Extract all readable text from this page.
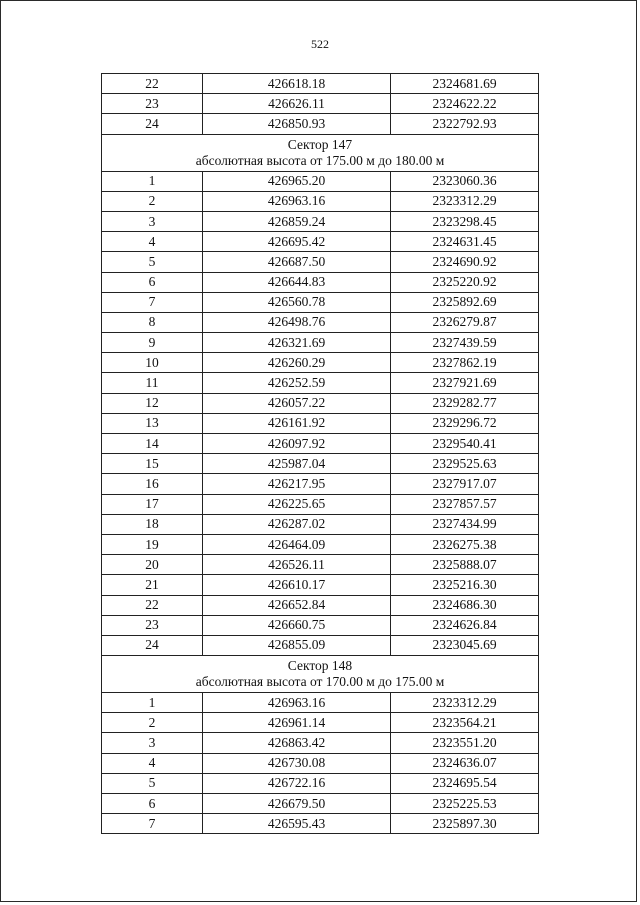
522
22	426618.18	2324681.69
23	426626.11	2324622.22
24	426850.93	2322792.93

Сектор 147
абсолютная высота от 175.00 м до 180.00 м		

1	426965.20	2323060.36
2	426963.16	2323312.29
3	426859.24	2323298.45
4	426695.42	2324631.45
5	426687.50	2324690.92
6	426644.83	2325220.92
7	426560.78	2325892.69
8	426498.76	2326279.87
9	426321.69	2327439.59
10	426260.29	2327862.19
11	426252.59	2327921.69
12	426057.22	2329282.77
13	426161.92	2329296.72
14	426097.92	2329540.41
15	425987.04	2329525.63
16	426217.95	2327917.07
17	426225.65	2327857.57
18	426287.02	2327434.99
19	426464.09	2326275.38
20	426526.11	2325888.07
21	426610.17	2325216.30
22	426652.84	2324686.30
23	426660.75	2324626.84
24	426855.09	2323045.69

Сектор 148
абсолютная высота от 170.00 м до 175.00 м		

1	426963.16	2323312.29
2	426961.14	2323564.21
3	426863.42	2323551.20
4	426730.08	2324636.07
5	426722.16	2324695.54
6	426679.50	2325225.53
7	426595.43	2325897.30
